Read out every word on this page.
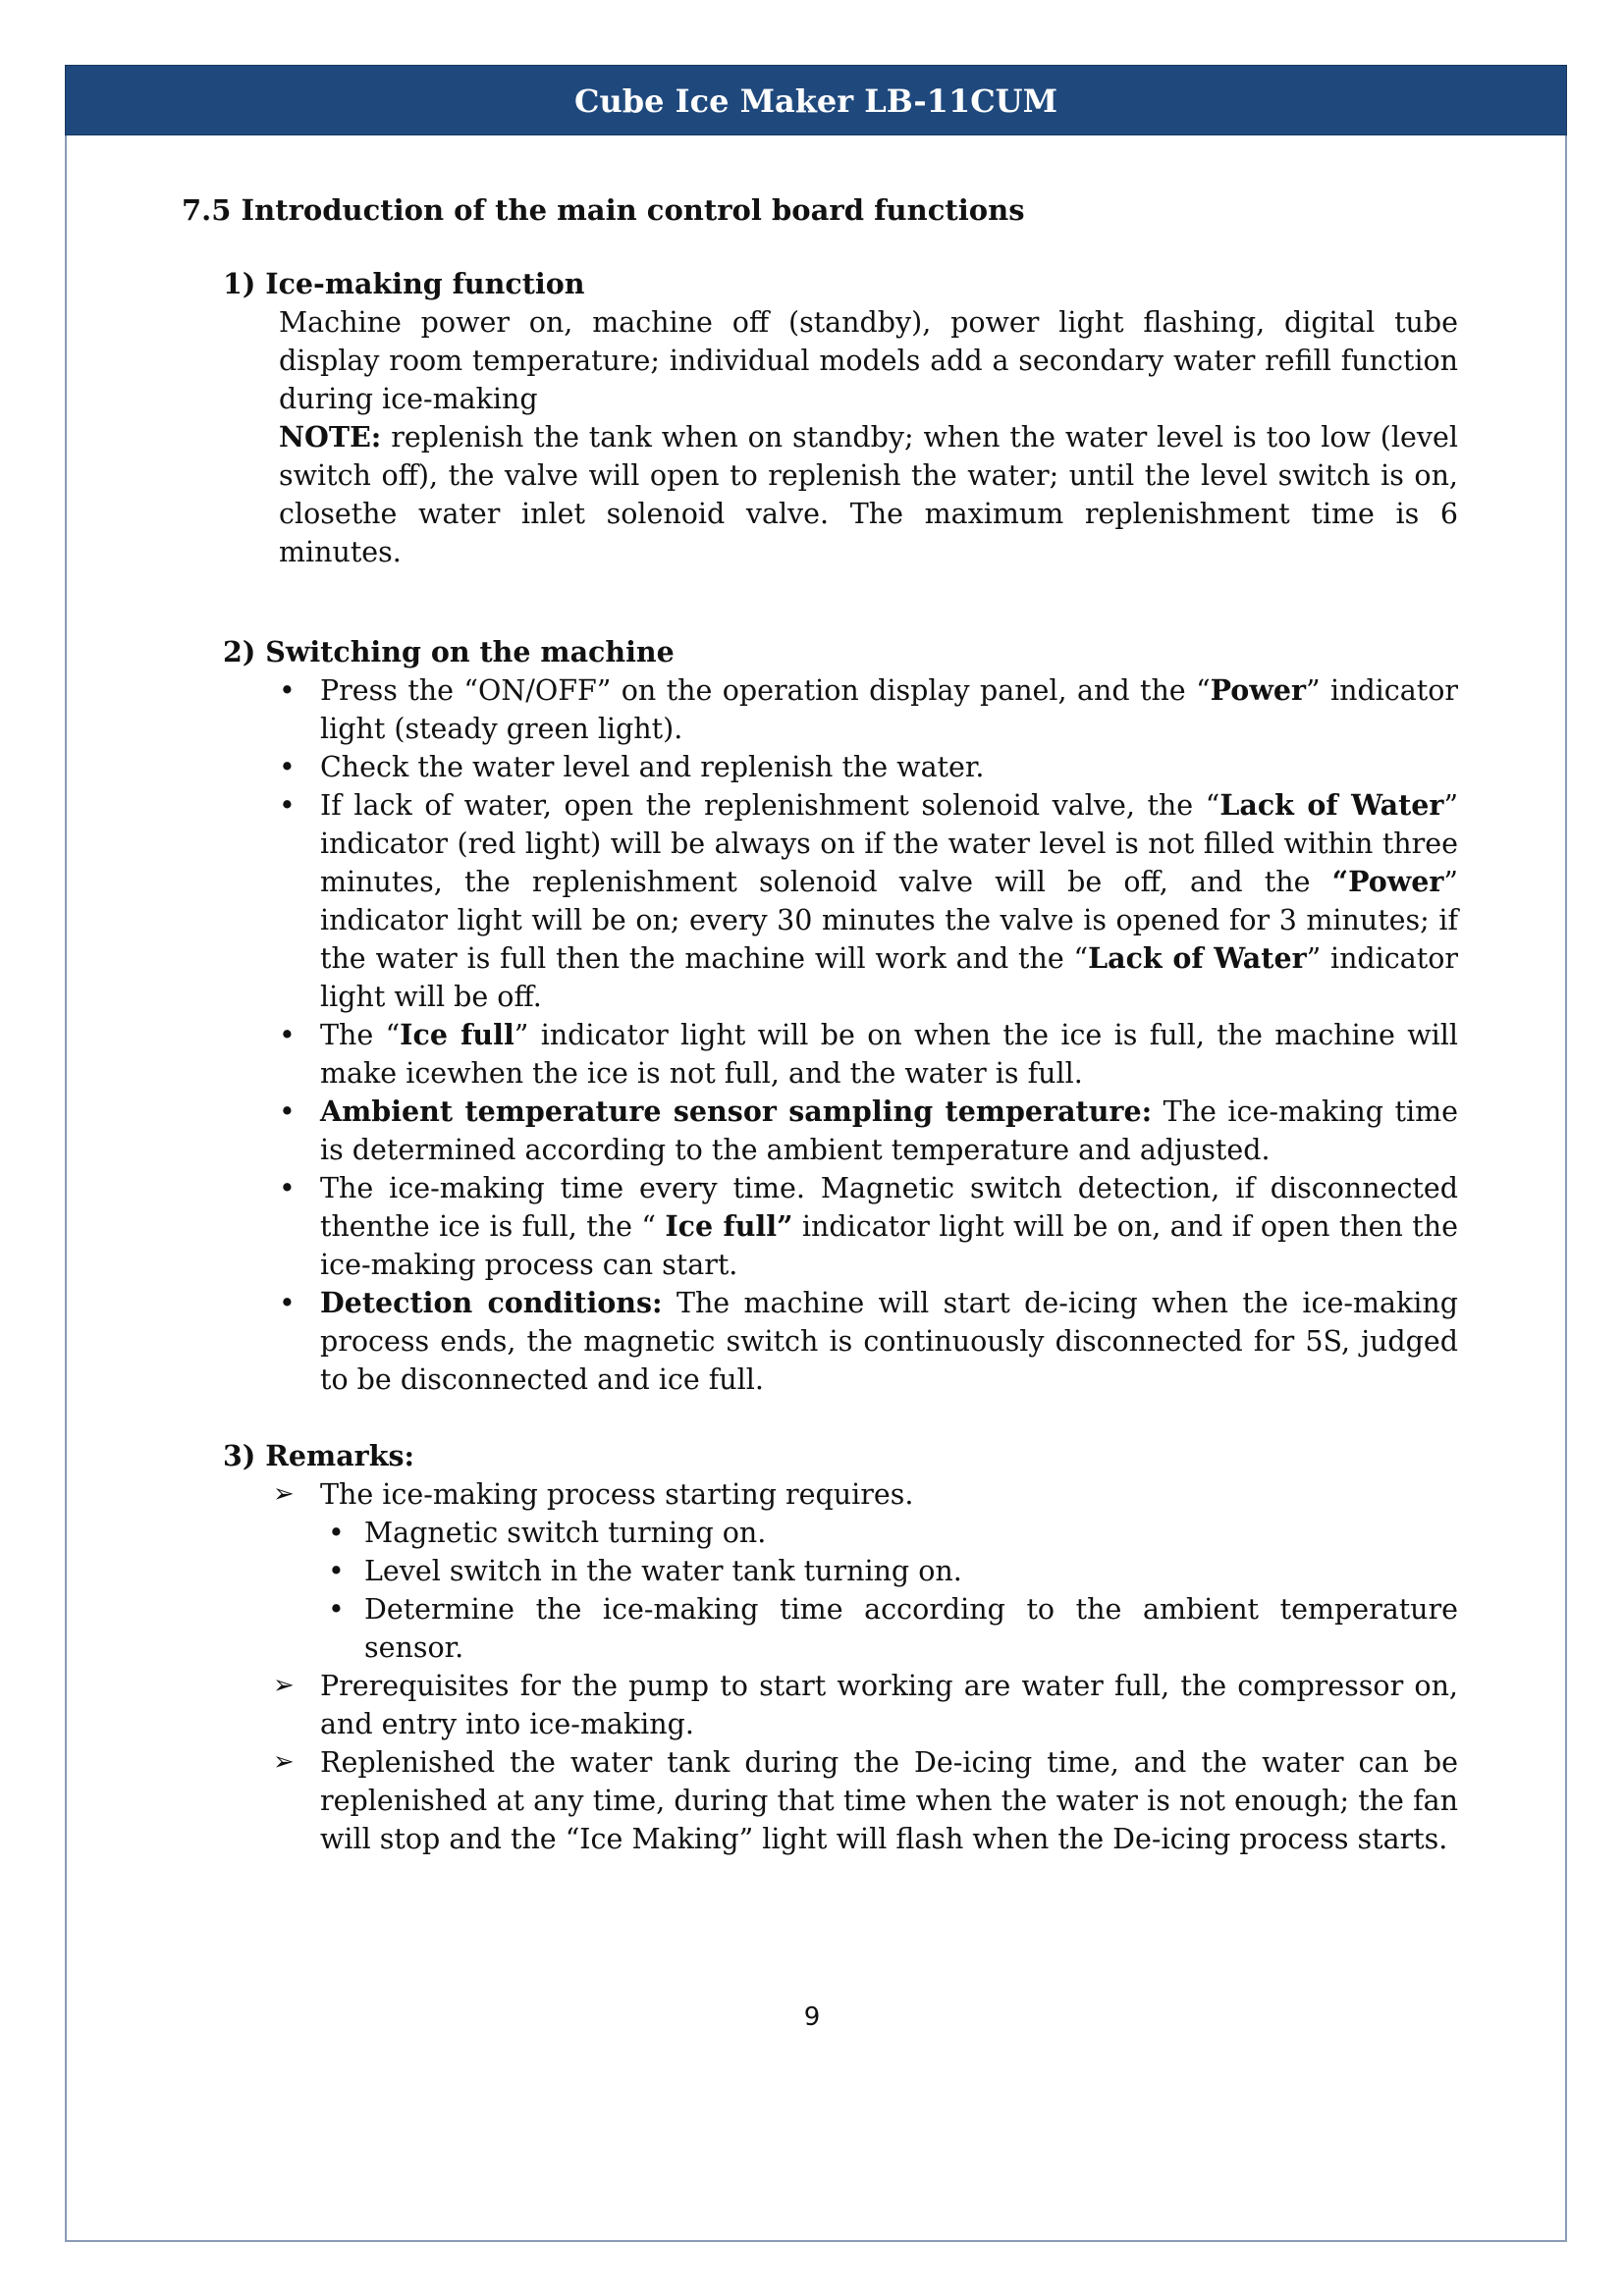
Cube Ice Maker LB-11CUM

7.5 Introduction of the main control board functions

1) Ice-making function

Machine power on, machine off (standby), power light flashing, digital tube display room temperature; individual models add a secondary water refill function during ice-making

NOTE: replenish the tank when on standby; when the water level is too low (level switch off), the valve will open to replenish the water; until the level switch is on, closethe water inlet solenoid valve. The maximum replenishment time is 6 minutes.

2) Switching on the machine

• Press the “ON/OFF” on the operation display panel, and the “Power” indicator light (steady green light).
• Check the water level and replenish the water.
• If lack of water, open the replenishment solenoid valve, the “Lack of Water” indicator (red light) will be always on if the water level is not filled within three minutes, the replenishment solenoid valve will be off, and the “Power” indicator light will be on; every 30 minutes the valve is opened for 3 minutes; if the water is full then the machine will work and the “Lack of Water” indicator light will be off.
• The “Ice full” indicator light will be on when the ice is full, the machine will make icewhen the ice is not full, and the water is full.
• Ambient temperature sensor sampling temperature: The ice-making time is determined according to the ambient temperature and adjusted.
• The ice-making time every time. Magnetic switch detection, if disconnected thenthe ice is full, the “ Ice full” indicator light will be on, and if open then the ice-making process can start.
• Detection conditions: The machine will start de-icing when the ice-making process ends, the magnetic switch is continuously disconnected for 5S, judged to be disconnected and ice full.

3) Remarks:

➢ The ice-making process starting requires.
• Magnetic switch turning on.
• Level switch in the water tank turning on.
• Determine the ice-making time according to the ambient temperature sensor.
➢ Prerequisites for the pump to start working are water full, the compressor on, and entry into ice-making.
➢ Replenished the water tank during the De-icing time, and the water can be replenished at any time, during that time when the water is not enough; the fan will stop and the “Ice Making” light will flash when the De-icing process starts.
9
